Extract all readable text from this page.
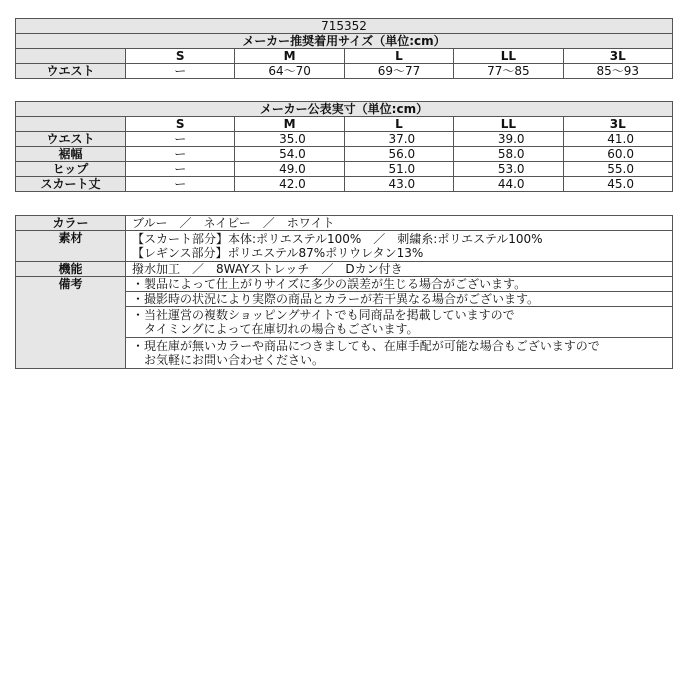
715352					
メーカー推奨着用サイズ（単位:cm）					
	S	M	L	LL	3L
ウエスト	ー	64〜70	69〜77	77〜85	85〜93
メーカー公表実寸（単位:cm）					
	S	M	L	LL	3L
ウエスト	ー	35.0	37.0	39.0	41.0
裾幅	ー	54.0	56.0	58.0	60.0
ヒップ	ー	49.0	51.0	53.0	55.0
スカート丈	ー	42.0	43.0	44.0	45.0
カラー	ブルー　／　ネイビー　／　ホワイト
素材	【スカート部分】本体:ポリエステル100%　／　刺繍糸:ポリエステル100%
【レギンス部分】ポリエステル87%ポリウレタン13%

機能	撥水加工　／　8WAYストレッチ　／　Dカン付き
備考	・製品によって仕上がりサイズに多少の誤差が生じる場合がございます。

	・撮影時の状況により実際の商品とカラーが若干異なる場合がございます。

	・当社運営の複数ショッピングサイトでも同商品を掲載していますので
　タイミングによって在庫切れの場合もございます。

	・現在庫が無いカラーや商品につきましても、在庫手配が可能な場合もございますので
　お気軽にお問い合わせください。
